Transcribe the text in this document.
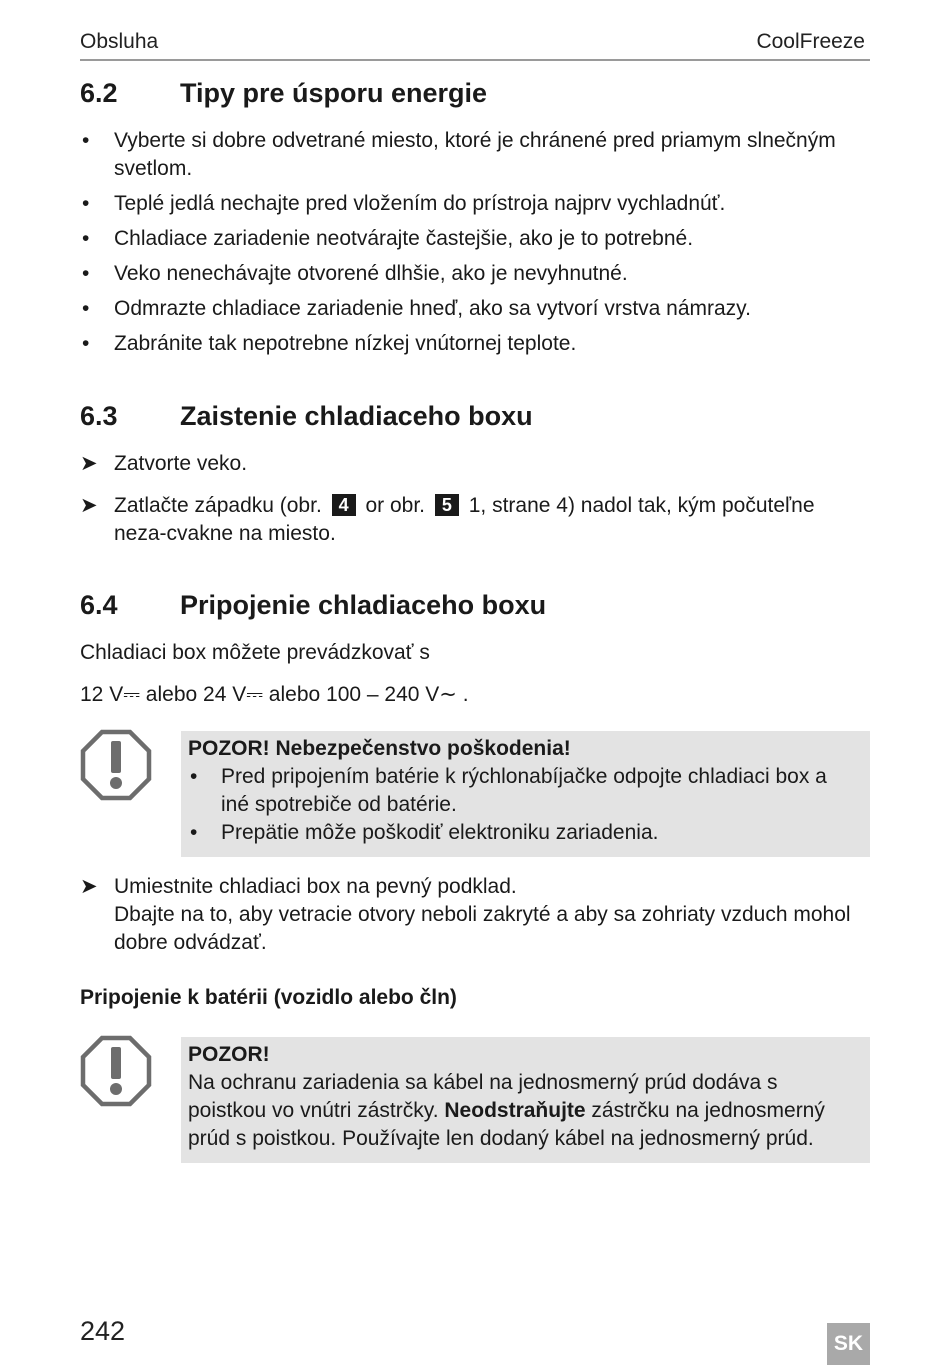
Obsluha	CoolFreeze
6.2 Tipy pre úsporu energie
• Vyberte si dobre odvetrané miesto, ktoré je chránené pred priamym slnečným svetlom.
• Teplé jedlá nechajte pred vložením do prístroja najprv vychladnúť.
• Chladiace zariadenie neotvárajte častejšie, ako je to potrebné.
• Veko nenechávajte otvorené dlhšie, ako je nevyhnutné.
• Odmrazte chladiace zariadenie hneď, ako sa vytvorí vrstva námrazy.
• Zabránite tak nepotrebne nízkej vnútornej teplote.
6.3 Zaistenie chladiaceho boxu
➤ Zatvorte veko.
➤ Zatlačte západku (obr. 4 or obr. 5 1, strane 4) nadol tak, kým počuteľne neza-cvakne na miesto.
6.4 Pripojenie chladiaceho boxu
Chladiaci box môžete prevádzkovať s
12 V⎓ alebo 24 V⎓ alebo 100 – 240 V∼ .
POZOR! Nebezpečenstvo poškodenia!
• Pred pripojením batérie k rýchlonabíjačke odpojte chladiaci box a iné spotrebiče od batérie.
• Prepätie môže poškodiť elektroniku zariadenia.
➤ Umiestnite chladiaci box na pevný podklad.
Dbajte na to, aby vetracie otvory neboli zakryté a aby sa zohriaty vzduch mohol dobre odvádzať.
Pripojenie k batérii (vozidlo alebo čln)
POZOR!
Na ochranu zariadenia sa kábel na jednosmerný prúd dodáva s poistkou vo vnútri zástrčky. Neodstraňujte zástrčku na jednosmerný prúd s poistkou. Používajte len dodaný kábel na jednosmerný prúd.
242	SK
